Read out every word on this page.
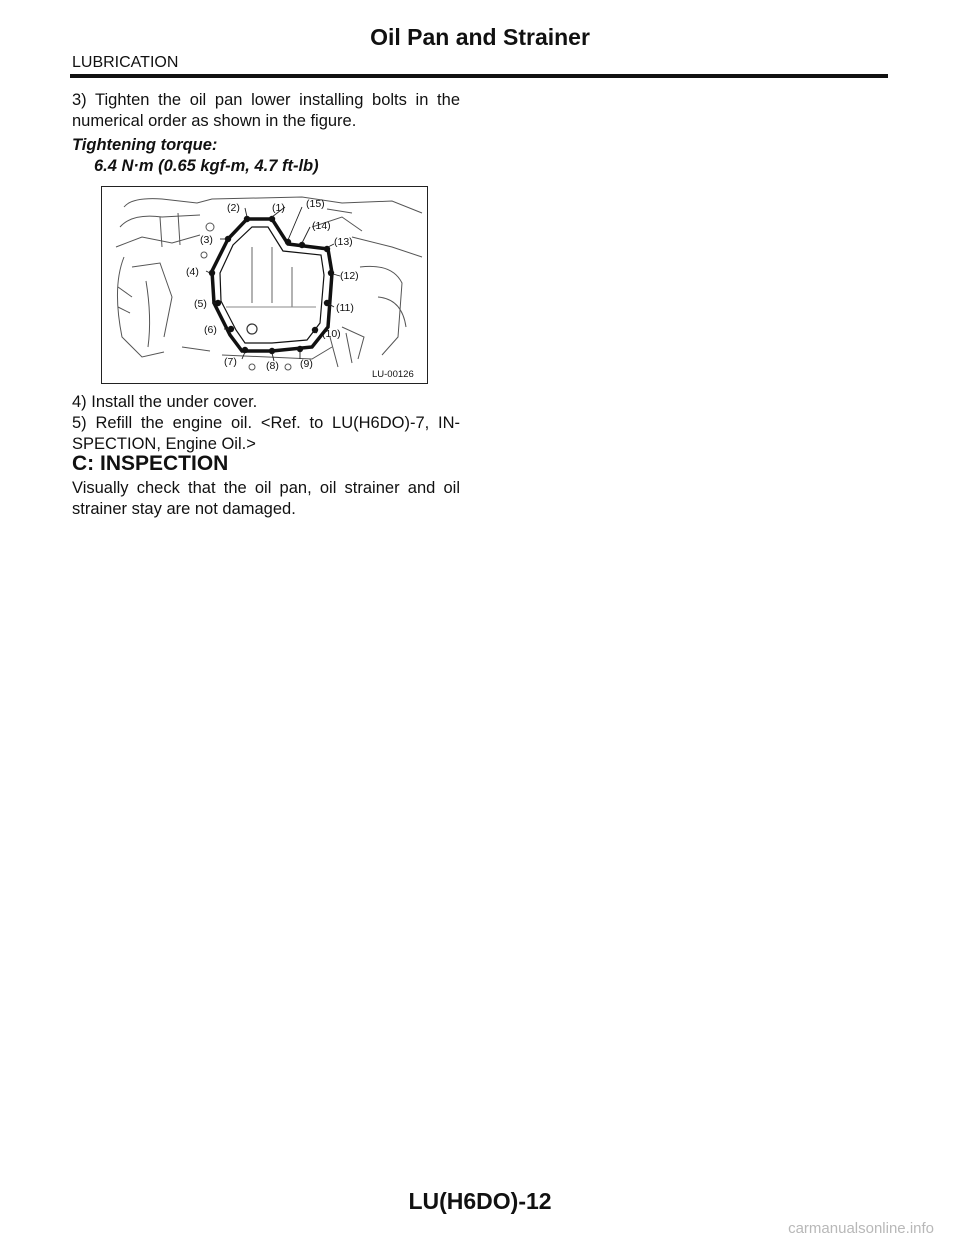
Oil Pan and Strainer
LUBRICATION
3) Tighten the oil pan lower installing bolts in the numerical order as shown in the figure.
Tightening torque:
6.4 N·m (0.65 kgf-m, 4.7 ft-lb)
(1)
(2)
(3)
(4)
(5)
(6)
(7)	(8) (9)
(10)
(11)
(12)
(13)
(14)
(15)
LU-00126
4) Install the under cover.
5) Refill the engine oil. <Ref. to LU(H6DO)-7, IN-SPECTION, Engine Oil.>
C: INSPECTION
Visually check that the oil pan, oil strainer and oil strainer stay are not damaged.
LU(H6DO)-12
carmanualsonline.info
